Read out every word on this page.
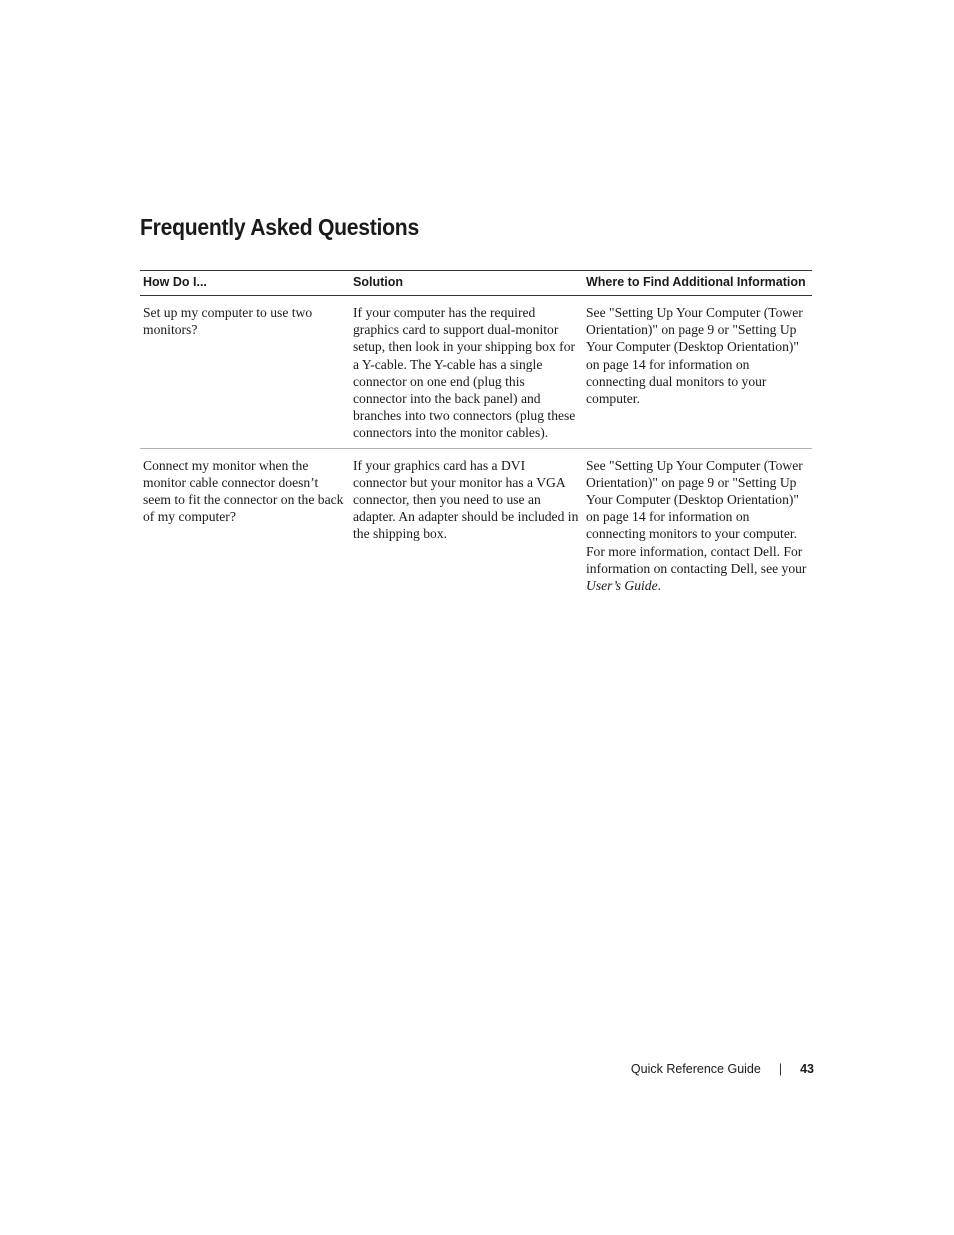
Frequently Asked Questions
How Do I...	Solution	Where to Find Additional Information
Set up my computer to use two monitors?	If your computer has the required graphics card to support dual-monitor setup, then look in your shipping box for a Y-cable. The Y-cable has a single connector on one end (plug this connector into the back panel) and branches into two connectors (plug these connectors into the monitor cables).	See "Setting Up Your Computer (Tower Orientation)" on page 9 or "Setting Up Your Computer (Desktop Orientation)" on page 14 for information on connecting dual monitors to your computer.
Connect my monitor when the monitor cable connector doesn’t seem to fit the connector on the back of my computer?	If your graphics card has a DVI connector but your monitor has a VGA connector, then you need to use an adapter. An adapter should be included in the shipping box.	See "Setting Up Your Computer (Tower Orientation)" on page 9 or "Setting Up Your Computer (Desktop Orientation)" on page 14 for information on connecting monitors to your computer. For more information, contact Dell. For information on contacting Dell, see your User’s Guide.
Quick Reference Guide | 43
